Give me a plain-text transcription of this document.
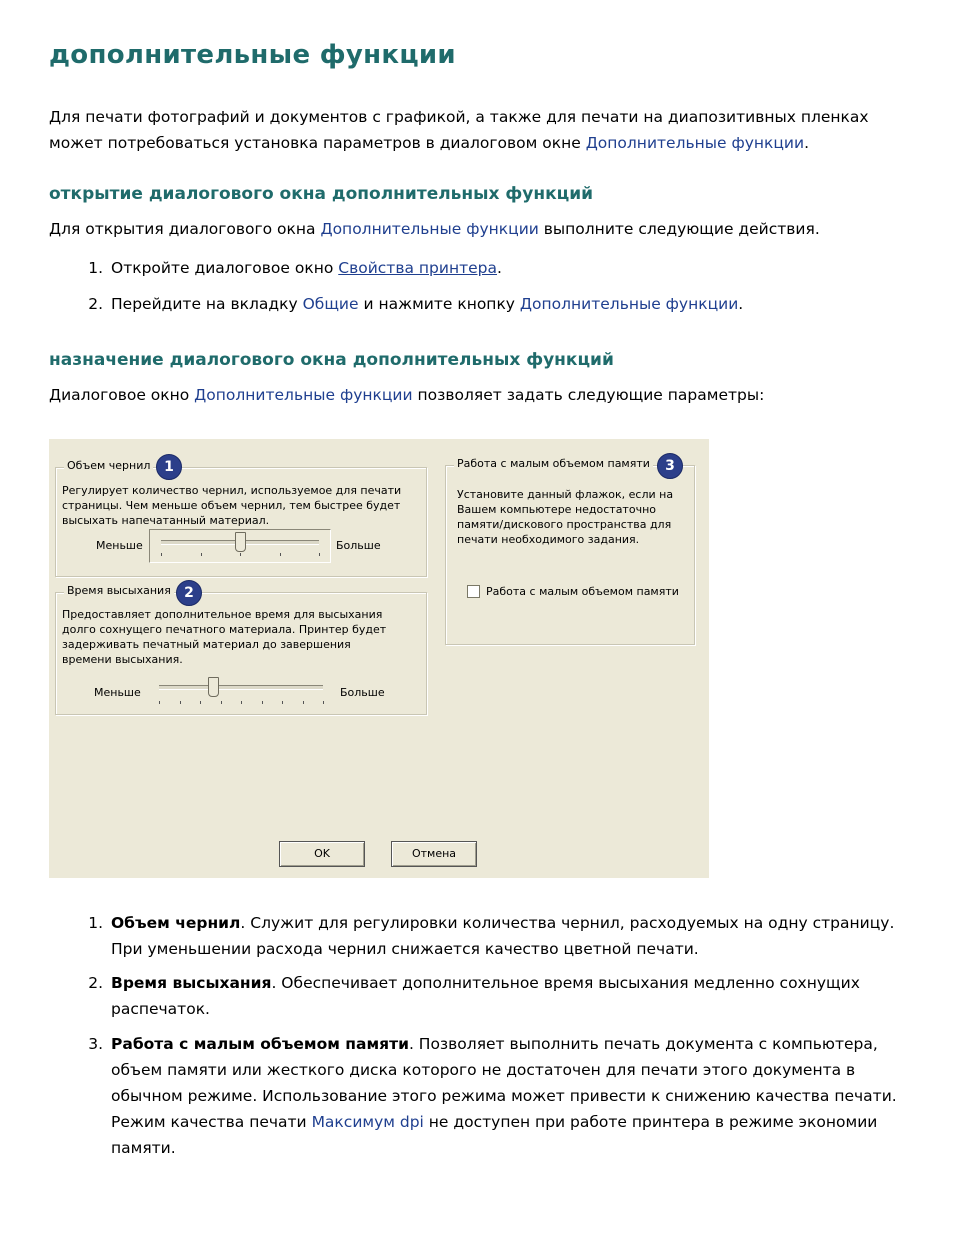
дополнительные функции

Для печати фотографий и документов с графикой, а также для печати на диапозитивных пленках может потребоваться установка параметров в диалоговом окне Дополнительные функции.

открытие диалогового окна дополнительных функций

Для открытия диалогового окна Дополнительные функции выполните следующие действия.

1. Откройте диалоговое окно Свойства принтера.
2. Перейдите на вкладку Общие и нажмите кнопку Дополнительные функции.
назначение диалогового окна дополнительных функций

Диалоговое окно Дополнительные функции позволяет задать следующие параметры:

1. Объем чернил. Служит для регулировки количества чернил, расходуемых на одну страницу. При уменьшении расхода чернил снижается качество цветной печати.
2. Время высыхания. Обеспечивает дополнительное время высыхания медленно сохнущих распечаток.
3. Работа с малым объемом памяти. Позволяет выполнить печать документа с компьютера, объем памяти или жесткого диска которого не достаточен для печати этого документа в обычном режиме. Использование этого режима может привести к снижению качества печати. Режим качества печати Максимум dpi не доступен при работе принтера в режиме экономии памяти.
Объем чернил 1
Регулирует количество чернил, используемое для печати страницы. Чем меньше объем чернил, тем быстрее будет высыхать напечатанный материал.
Меньше	Больше
Время высыхания 2
Предоставляет дополнительное время для высыхания долго сохнущего печатного материала. Принтер будет задерживать печатный материал до завершения времени высыхания.
Меньше	Больше
Работа с малым объемом памяти	3
Установите данный флажок, если на Вашем компьютере недостаточно памяти/дискового пространства для печати необходимого задания.
Работа с малым объемом памяти
OK	Отмена
